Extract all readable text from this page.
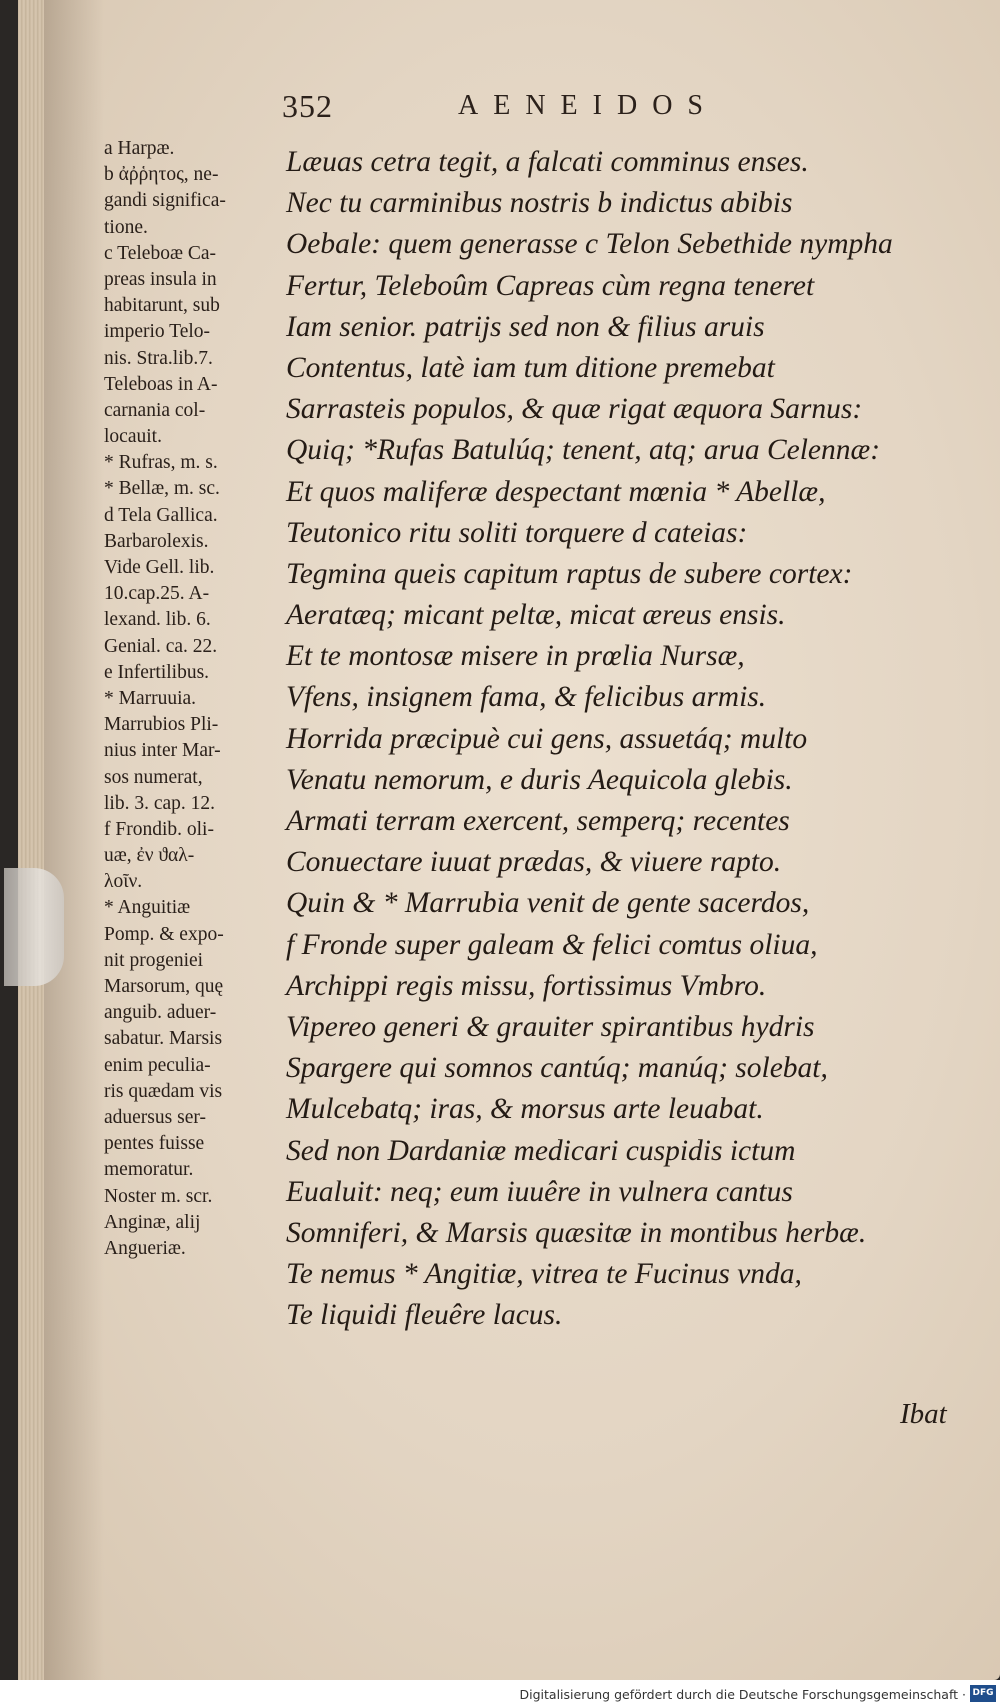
352	AENEIDOS
a Harpæ.
b ἀῤῥητος, ne-
gandi significa-
tione.
c Teleboæ Ca-
preas insula in
habitarunt, sub
imperio Telo-
nis. Stra.lib.7.
Teleboas in A-
carnania col-
locauit.
* Rufras, m. s.
* Bellæ, m. sc.
d Tela Gallica.
Barbarolexis.
Vide Gell. lib.
10.cap.25. A-
lexand. lib. 6.
Genial. ca. 22.
e Infertilibus.
* Marruuia.
Marrubios Pli-
nius inter Mar-
sos numerat,
lib. 3. cap. 12.
f Frondib. oli-
uæ, ἐν ϑαλ-
λοῖν.
* Anguitiæ
Pomp. & expo-
nit progeniei
Marsorum, quę
anguib. aduer-
sabatur. Marsis
enim peculia-
ris quædam vis
aduersus ser-
pentes fuisse
memoratur.
Noster m. scr.
Anginæ, alij
Angueriæ.
Læuas cetra tegit, a falcati comminus enses.
Nec tu carminibus nostris b indictus abibis
Oebale: quem generasse c Telon Sebethide nympha
Fertur, Teleboûm Capreas cùm regna teneret
Iam senior. patrijs sed non & filius aruis
Contentus, latè iam tum ditione premebat
Sarrasteis populos, & quæ rigat æquora Sarnus:
Quiq; *Rufas Batulúq; tenent, atq; arua Celennæ:
Et quos maliferæ despectant mœnia * Abellæ,
Teutonico ritu soliti torquere d cateias:
Tegmina queis capitum raptus de subere cortex:
Aeratæq; micant peltæ, micat æreus ensis.
Et te montosæ misere in prœlia Nursæ,
Vfens, insignem fama, & felicibus armis.
Horrida præcipuè cui gens, assuetáq; multo
Venatu nemorum, e duris Aequicola glebis.
Armati terram exercent, semperq; recentes
Conuectare iuuat prædas, & viuere rapto.
Quin & * Marrubia venit de gente sacerdos,
f Fronde super galeam & felici comtus oliua,
Archippi regis missu, fortissimus Vmbro.
Vipereo generi & grauiter spirantibus hydris
Spargere qui somnos cantúq; manúq; solebat,
Mulcebatq; iras, & morsus arte leuabat.
Sed non Dardaniæ medicari cuspidis ictum
Eualuit: neq; eum iuuêre in vulnera cantus
Somniferi, & Marsis quæsitæ in montibus herbæ.
Te nemus * Angitiæ, vitrea te Fucinus vnda,
Te liquidi fleuêre lacus.
Ibat
Digitalisierung gefördert durch die Deutsche Forschungsgemeinschaft · DFG
